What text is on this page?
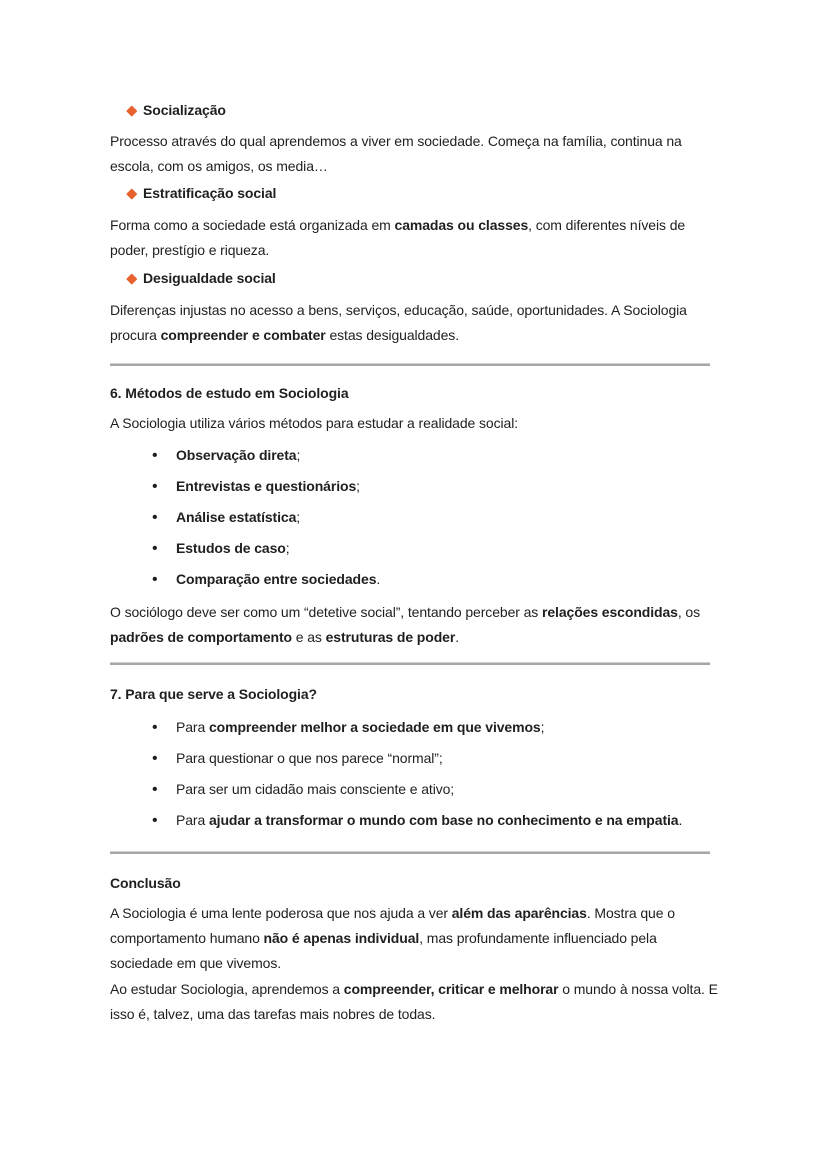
Socialização

Processo através do qual aprendemos a viver em sociedade. Começa na família, continua na escola, com os amigos, os media…

Estratificação social

Forma como a sociedade está organizada em camadas ou classes, com diferentes níveis de poder, prestígio e riqueza.

Desigualdade social

Diferenças injustas no acesso a bens, serviços, educação, saúde, oportunidades. A Sociologia procura compreender e combater estas desigualdades.

6. Métodos de estudo em Sociologia

A Sociologia utiliza vários métodos para estudar a realidade social:

• Observação direta;
• Entrevistas e questionários;
• Análise estatística;
• Estudos de caso;
• Comparação entre sociedades.

O sociólogo deve ser como um “detetive social”, tentando perceber as relações escondidas, os padrões de comportamento e as estruturas de poder.

7. Para que serve a Sociologia?
• Para compreender melhor a sociedade em que vivemos;
• Para questionar o que nos parece “normal”;
• Para ser um cidadão mais consciente e ativo;
• Para ajudar a transformar o mundo com base no conhecimento e na empatia.
Conclusão

A Sociologia é uma lente poderosa que nos ajuda a ver além das aparências. Mostra que o comportamento humano não é apenas individual, mas profundamente influenciado pela sociedade em que vivemos.

Ao estudar Sociologia, aprendemos a compreender, criticar e melhorar o mundo à nossa volta. E isso é, talvez, uma das tarefas mais nobres de todas.
